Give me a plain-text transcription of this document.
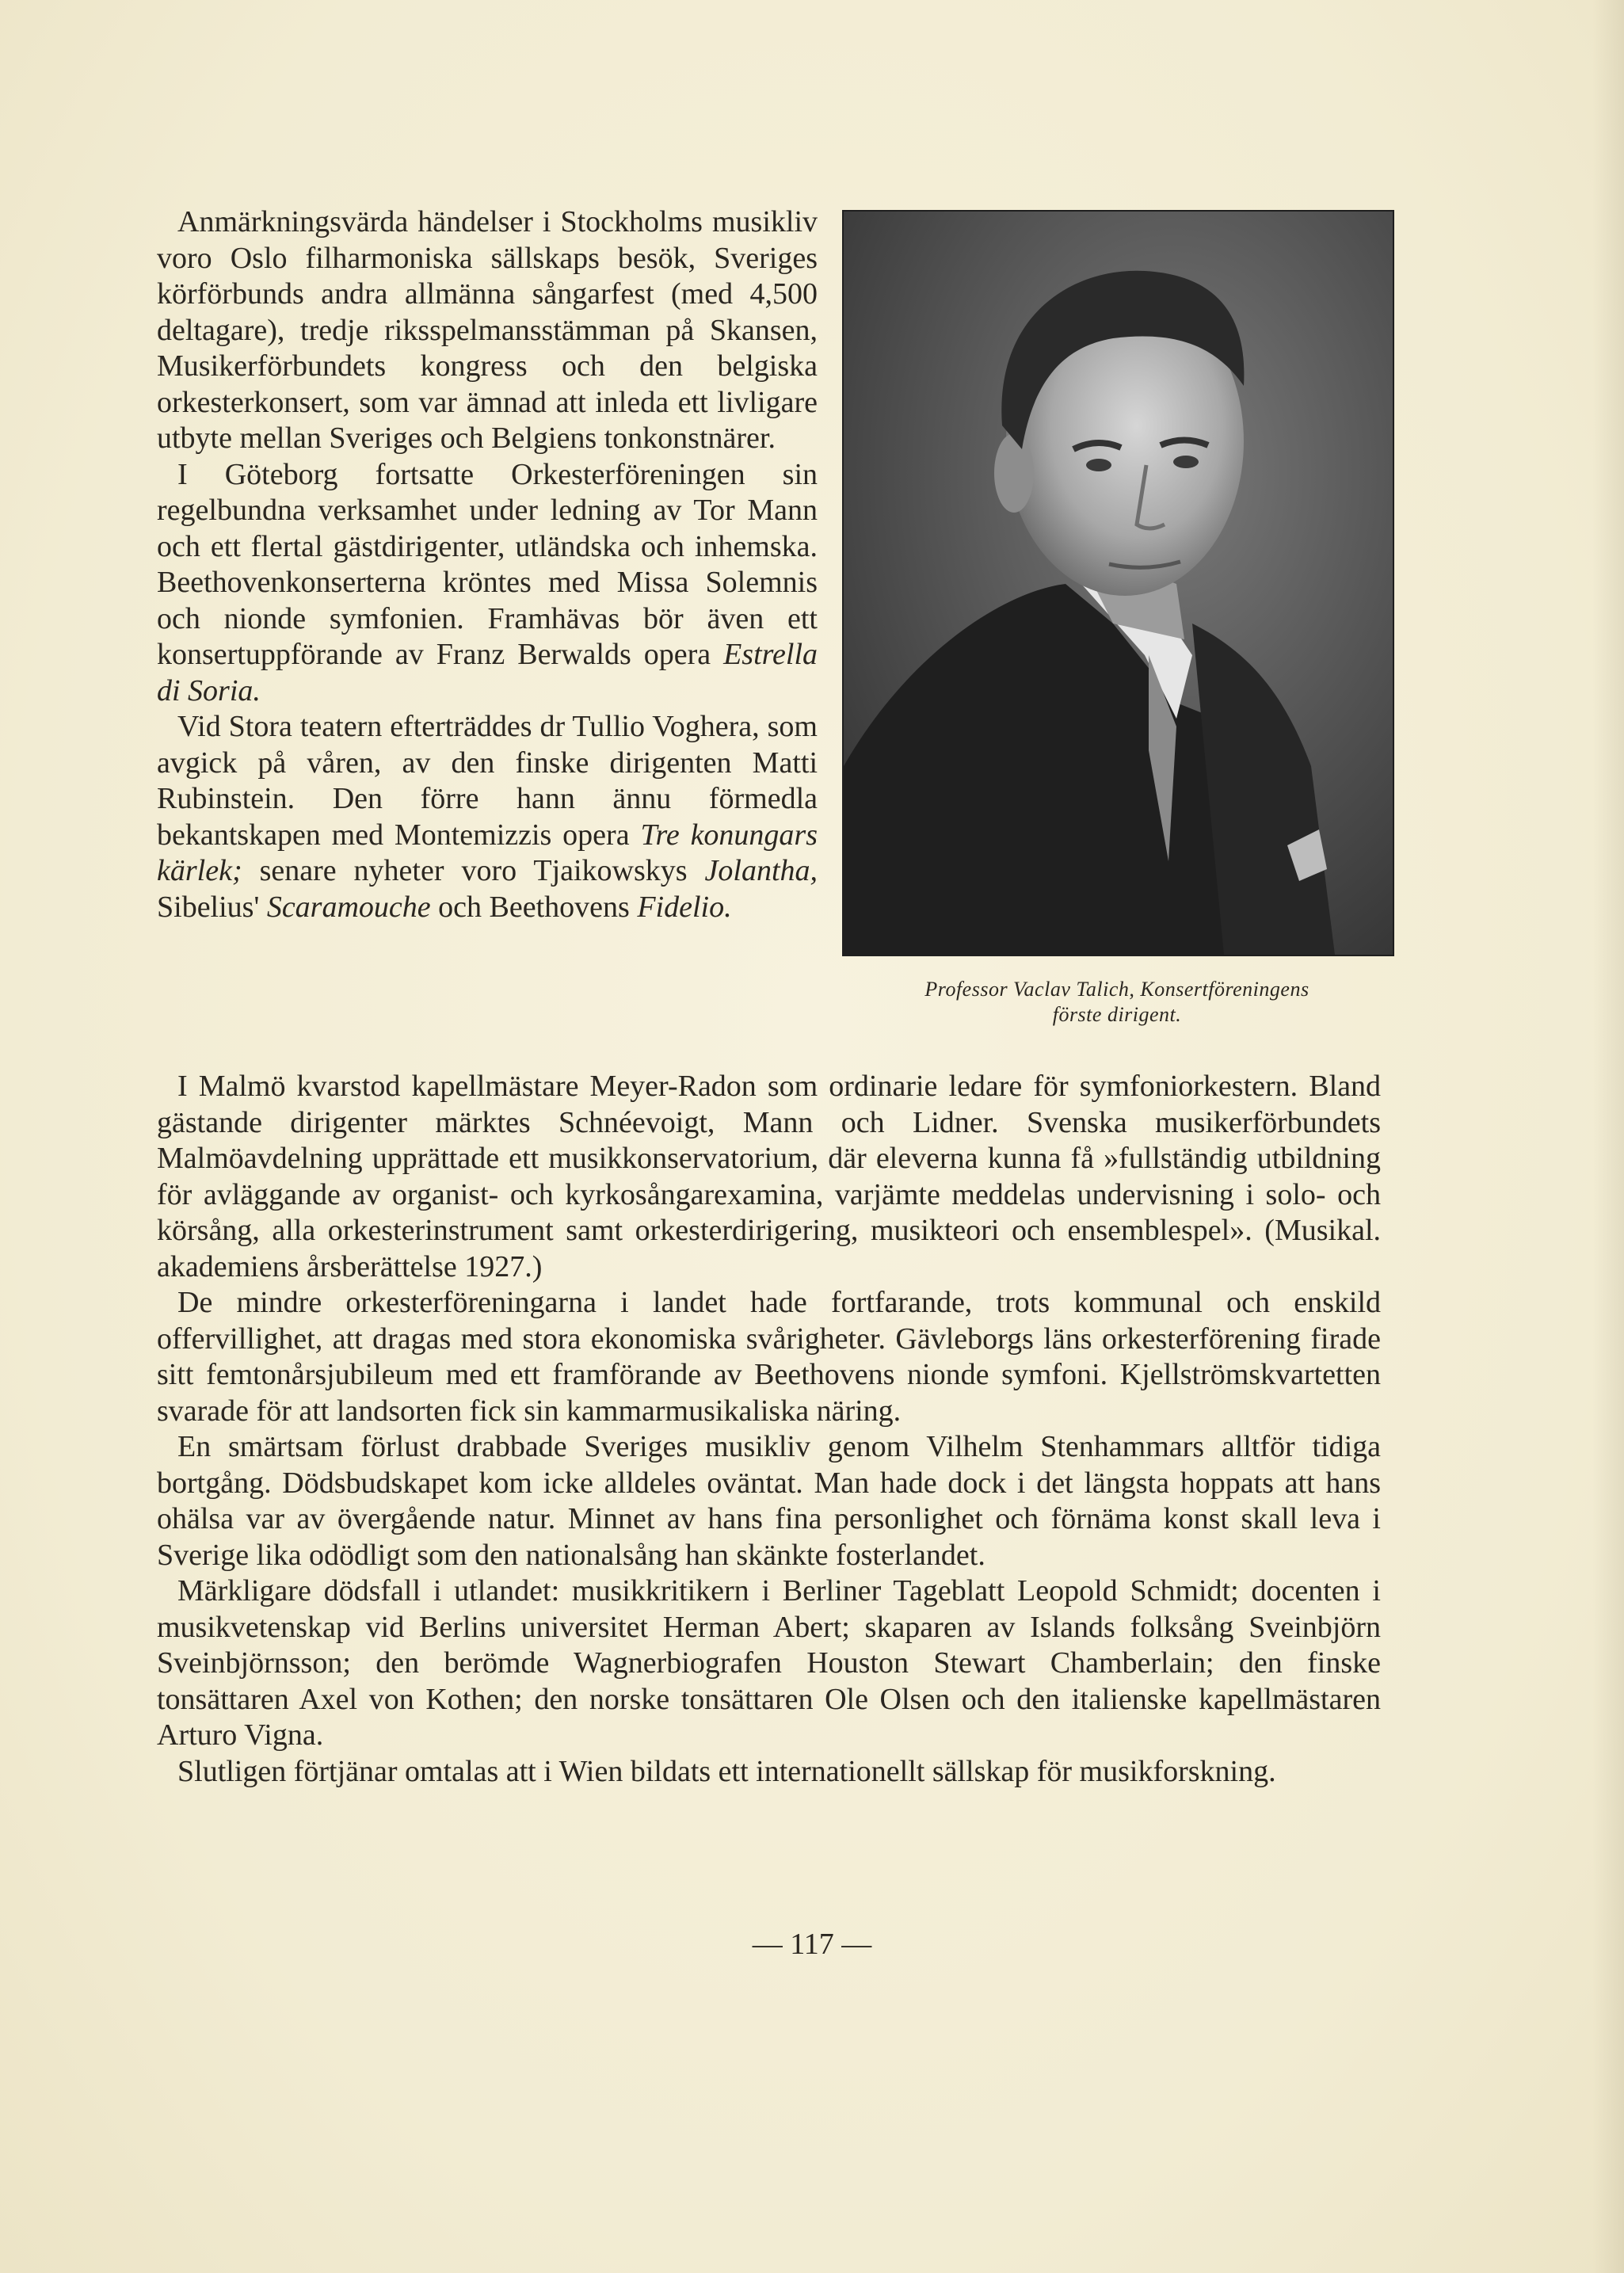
Anmärkningsvärda händelser i Stockholms musikliv voro Oslo filharmoniska sällskaps besök, Sveriges körförbunds andra allmänna sångarfest (med 4,500 deltagare), tredje riksspelmansstämman på Skansen, Musikerförbundets kongress och den belgiska orkesterkonsert, som var ämnad att inleda ett livligare utbyte mellan Sveriges och Belgiens tonkonstnärer.

I Göteborg fortsatte Orkesterföreningen sin regelbundna verksamhet under ledning av Tor Mann och ett flertal gästdirigenter, utländska och inhemska. Beethovenkonserterna kröntes med Missa Solemnis och nionde symfonien. Framhävas bör även ett konsertuppförande av Franz Berwalds opera Estrella di Soria.

Vid Stora teatern efterträddes dr Tullio Voghera, som avgick på våren, av den finske dirigenten Matti Rubinstein. Den förre hann ännu förmedla bekantskapen med Montemizzis opera Tre konungars kärlek; senare nyheter voro Tjaikowskys Jolantha, Sibelius' Scaramouche och Beethovens Fidelio.

Professor Vaclav Talich, Konsertföreningens
förste dirigent.

I Malmö kvarstod kapellmästare Meyer-Radon som ordinarie ledare för symfoniorkestern. Bland gästande dirigenter märktes Schnéevoigt, Mann och Lidner. Svenska musikerförbundets Malmöavdelning upprättade ett musikkonservatorium, där eleverna kunna få »fullständig utbildning för avläggande av organist- och kyrkosångarexamina, varjämte meddelas undervisning i solo- och körsång, alla orkesterinstrument samt orkesterdirigering, musikteori och ensemblespel». (Musikal. akademiens årsberättelse 1927.)

De mindre orkesterföreningarna i landet hade fortfarande, trots kommunal och enskild offervillighet, att dragas med stora ekonomiska svårigheter. Gävleborgs läns orkesterförening firade sitt femtonårsjubileum med ett framförande av Beethovens nionde symfoni. Kjellströmskvartetten svarade för att landsorten fick sin kammarmusikaliska näring.

En smärtsam förlust drabbade Sveriges musikliv genom Vilhelm Stenhammars alltför tidiga bortgång. Dödsbudskapet kom icke alldeles oväntat. Man hade dock i det längsta hoppats att hans ohälsa var av övergående natur. Minnet av hans fina personlighet och förnäma konst skall leva i Sverige lika odödligt som den nationalsång han skänkte fosterlandet.

Märkligare dödsfall i utlandet: musikkritikern i Berliner Tageblatt Leopold Schmidt; docenten i musikvetenskap vid Berlins universitet Herman Abert; skaparen av Islands folksång Sveinbjörn Sveinbjörnsson; den berömde Wagnerbiografen Houston Stewart Chamberlain; den finske tonsättaren Axel von Kothen; den norske tonsättaren Ole Olsen och den italienske kapellmästaren Arturo Vigna.

Slutligen förtjänar omtalas att i Wien bildats ett internationellt sällskap för musikforskning.

— 117 —
